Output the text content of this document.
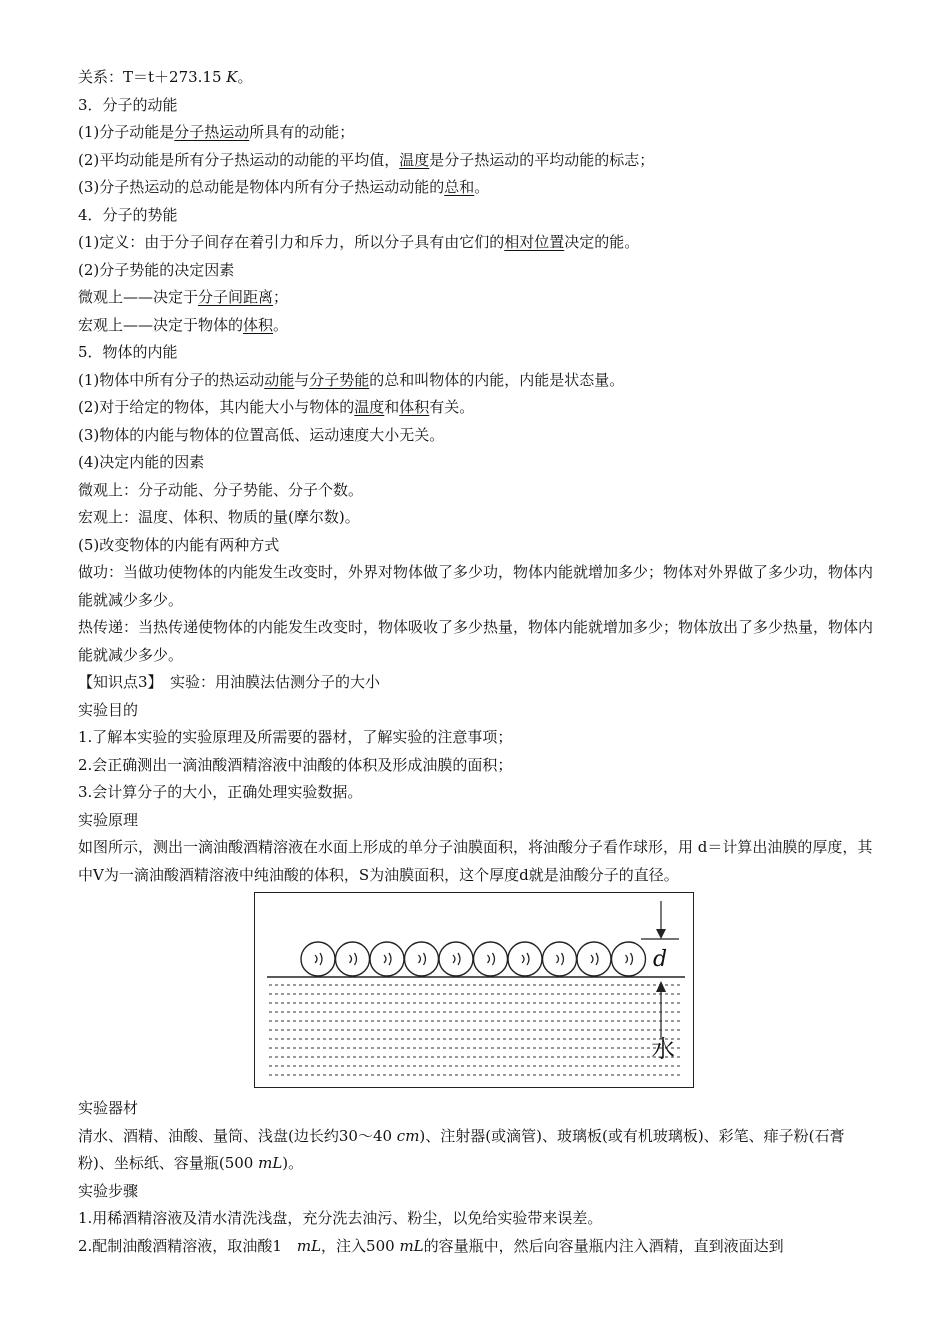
关系：T＝t＋273.15 K。
3．分子的动能
(1)分子动能是分子热运动所具有的动能；
(2)平均动能是所有分子热运动的动能的平均值，温度是分子热运动的平均动能的标志；
(3)分子热运动的总动能是物体内所有分子热运动动能的总和。
4．分子的势能
(1)定义：由于分子间存在着引力和斥力，所以分子具有由它们的相对位置决定的能。
(2)分子势能的决定因素
微观上——决定于分子间距离；
宏观上——决定于物体的体积。
5．物体的内能
(1)物体中所有分子的热运动动能与分子势能的总和叫物体的内能，内能是状态量。
(2)对于给定的物体，其内能大小与物体的温度和体积有关。
(3)物体的内能与物体的位置高低、运动速度大小无关。
(4)决定内能的因素
微观上：分子动能、分子势能、分子个数。
宏观上：温度、体积、物质的量(摩尔数)。
(5)改变物体的内能有两种方式
做功：当做功使物体的内能发生改变时，外界对物体做了多少功，物体内能就增加多少；物体对外界做了多少功，物体内能就减少多少。
热传递：当热传递使物体的内能发生改变时，物体吸收了多少热量，物体内能就增加多少；物体放出了多少热量，物体内能就减少多少。
【知识点3】　实验：用油膜法估测分子的大小
实验目的
1.了解本实验的实验原理及所需要的器材，了解实验的注意事项；
2.会正确测出一滴油酸酒精溶液中油酸的体积及形成油膜的面积；
3.会计算分子的大小，正确处理实验数据。
实验原理
如图所示，测出一滴油酸酒精溶液在水面上形成的单分子油膜面积，将油酸分子看作球形，用 d＝计算出油膜的厚度，其中V为一滴油酸酒精溶液中纯油酸的体积，S为油膜面积，这个厚度d就是油酸分子的直径。
d
水
实验器材
清水、酒精、油酸、量筒、浅盘(边长约30～40 cm)、注射器(或滴管)、玻璃板(或有机玻璃板)、彩笔、痱子粉(石膏粉)、坐标纸、容量瓶(500 mL)。
实验步骤
1.用稀酒精溶液及清水清洗浅盘，充分洗去油污、粉尘，以免给实验带来误差。
2.配制油酸酒精溶液，取油酸1　mL，注入500 mL的容量瓶中，然后向容量瓶内注入酒精，直到液面达到
